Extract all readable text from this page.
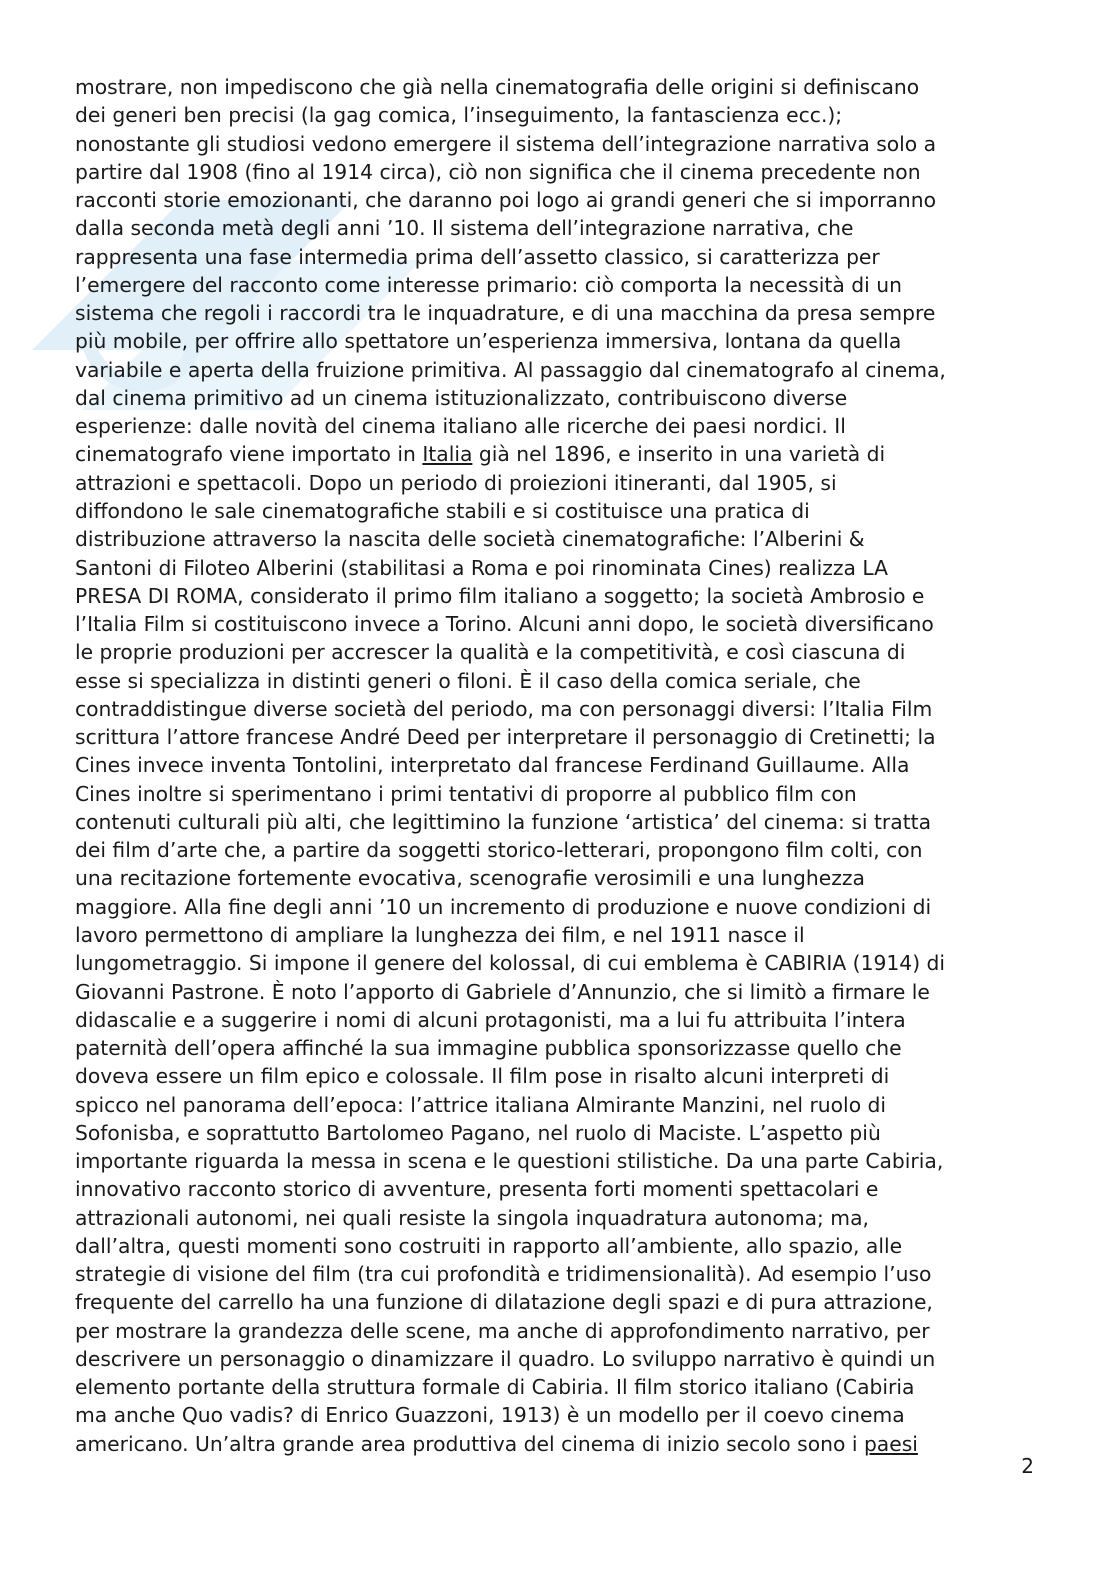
mostrare, non impediscono che già nella cinematografia delle origini si definiscano
dei generi ben precisi (la gag comica, l’inseguimento, la fantascienza ecc.);
nonostante gli studiosi vedono emergere il sistema dell’integrazione narrativa solo a
partire dal 1908 (fino al 1914 circa), ciò non significa che il cinema precedente non
racconti storie emozionanti, che daranno poi logo ai grandi generi che si imporranno
dalla seconda metà degli anni ’10. Il sistema dell’integrazione narrativa, che
rappresenta una fase intermedia prima dell’assetto classico, si caratterizza per
l’emergere del racconto come interesse primario: ciò comporta la necessità di un
sistema che regoli i raccordi tra le inquadrature, e di una macchina da presa sempre
più mobile, per offrire allo spettatore un’esperienza immersiva, lontana da quella
variabile e aperta della fruizione primitiva. Al passaggio dal cinematografo al cinema,
dal cinema primitivo ad un cinema istituzionalizzato, contribuiscono diverse
esperienze: dalle novità del cinema italiano alle ricerche dei paesi nordici. Il
cinematografo viene importato in Italia già nel 1896, e inserito in una varietà di
attrazioni e spettacoli. Dopo un periodo di proiezioni itineranti, dal 1905, si
diffondono le sale cinematografiche stabili e si costituisce una pratica di
distribuzione attraverso la nascita delle società cinematografiche: l’Alberini &
Santoni di Filoteo Alberini (stabilitasi a Roma e poi rinominata Cines) realizza LA
PRESA DI ROMA, considerato il primo film italiano a soggetto; la società Ambrosio e
l’Italia Film si costituiscono invece a Torino. Alcuni anni dopo, le società diversificano
le proprie produzioni per accrescer la qualità e la competitività, e così ciascuna di
esse si specializza in distinti generi o filoni. È il caso della comica seriale, che
contraddistingue diverse società del periodo, ma con personaggi diversi: l’Italia Film
scrittura l’attore francese André Deed per interpretare il personaggio di Cretinetti; la
Cines invece inventa Tontolini, interpretato dal francese Ferdinand Guillaume. Alla
Cines inoltre si sperimentano i primi tentativi di proporre al pubblico film con
contenuti culturali più alti, che legittimino la funzione ‘artistica’ del cinema: si tratta
dei film d’arte che, a partire da soggetti storico-letterari, propongono film colti, con
una recitazione fortemente evocativa, scenografie verosimili e una lunghezza
maggiore. Alla fine degli anni ’10 un incremento di produzione e nuove condizioni di
lavoro permettono di ampliare la lunghezza dei film, e nel 1911 nasce il
lungometraggio. Si impone il genere del kolossal, di cui emblema è CABIRIA (1914) di
Giovanni Pastrone. È noto l’apporto di Gabriele d’Annunzio, che si limitò a firmare le
didascalie e a suggerire i nomi di alcuni protagonisti, ma a lui fu attribuita l’intera
paternità dell’opera affinché la sua immagine pubblica sponsorizzasse quello che
doveva essere un film epico e colossale. Il film pose in risalto alcuni interpreti di
spicco nel panorama dell’epoca: l’attrice italiana Almirante Manzini, nel ruolo di
Sofonisba, e soprattutto Bartolomeo Pagano, nel ruolo di Maciste. L’aspetto più
importante riguarda la messa in scena e le questioni stilistiche. Da una parte Cabiria,
innovativo racconto storico di avventure, presenta forti momenti spettacolari e
attrazionali autonomi, nei quali resiste la singola inquadratura autonoma; ma,
dall’altra, questi momenti sono costruiti in rapporto all’ambiente, allo spazio, alle
strategie di visione del film (tra cui profondità e tridimensionalità). Ad esempio l’uso
frequente del carrello ha una funzione di dilatazione degli spazi e di pura attrazione,
per mostrare la grandezza delle scene, ma anche di approfondimento narrativo, per
descrivere un personaggio o dinamizzare il quadro. Lo sviluppo narrativo è quindi un
elemento portante della struttura formale di Cabiria. Il film storico italiano (Cabiria
ma anche Quo vadis? di Enrico Guazzoni, 1913) è un modello per il coevo cinema
americano. Un’altra grande area produttiva del cinema di inizio secolo sono i paesi
2
